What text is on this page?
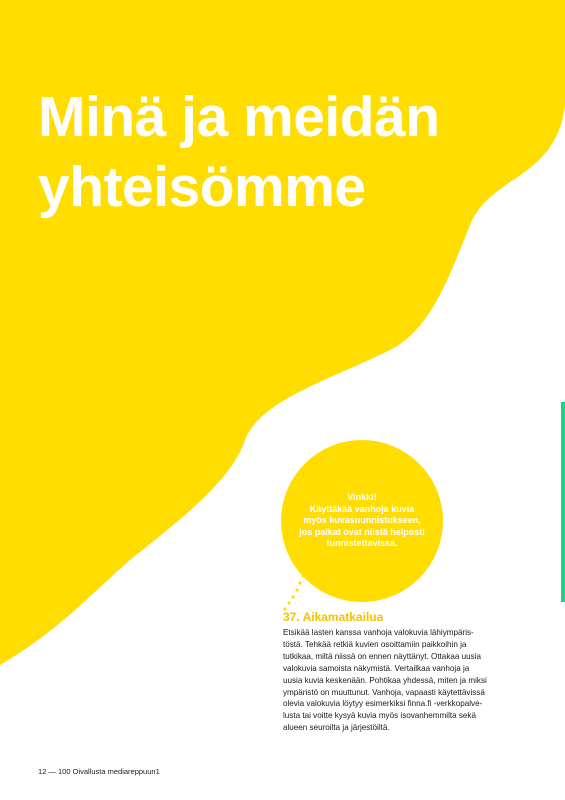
Minä ja meidän
yhteisömme
Vinkki!
Käyttäkää vanhoja kuvia
myös kuvasuunnistukseen,
jos paikat ovat niistä helposti
tunnistettavissa.
37. Aikamatkailua

Etsikää lasten kanssa vanhoja valokuvia lähiympäris-
töstä. Tehkää retkiä kuvien osoittamiin paikkoihin ja
tutkikaa, miltä niissä on ennen näyttänyt. Ottakaa uusia
valokuvia samoista näkymistä. Vertailkaa vanhoja ja
uusia kuvia keskenään. Pohtikaa yhdessä, miten ja miksi
ympäristö on muuttunut. Vanhoja, vapaasti käytettävissä
olevia valokuvia löytyy esimerkiksi finna.fi -verkkopalve-
lusta tai voitte kysyä kuvia myös isovanhemmilta sekä
alueen seuroilta ja järjestöiltä.

12 — 100 Oivallusta mediareppuun1
